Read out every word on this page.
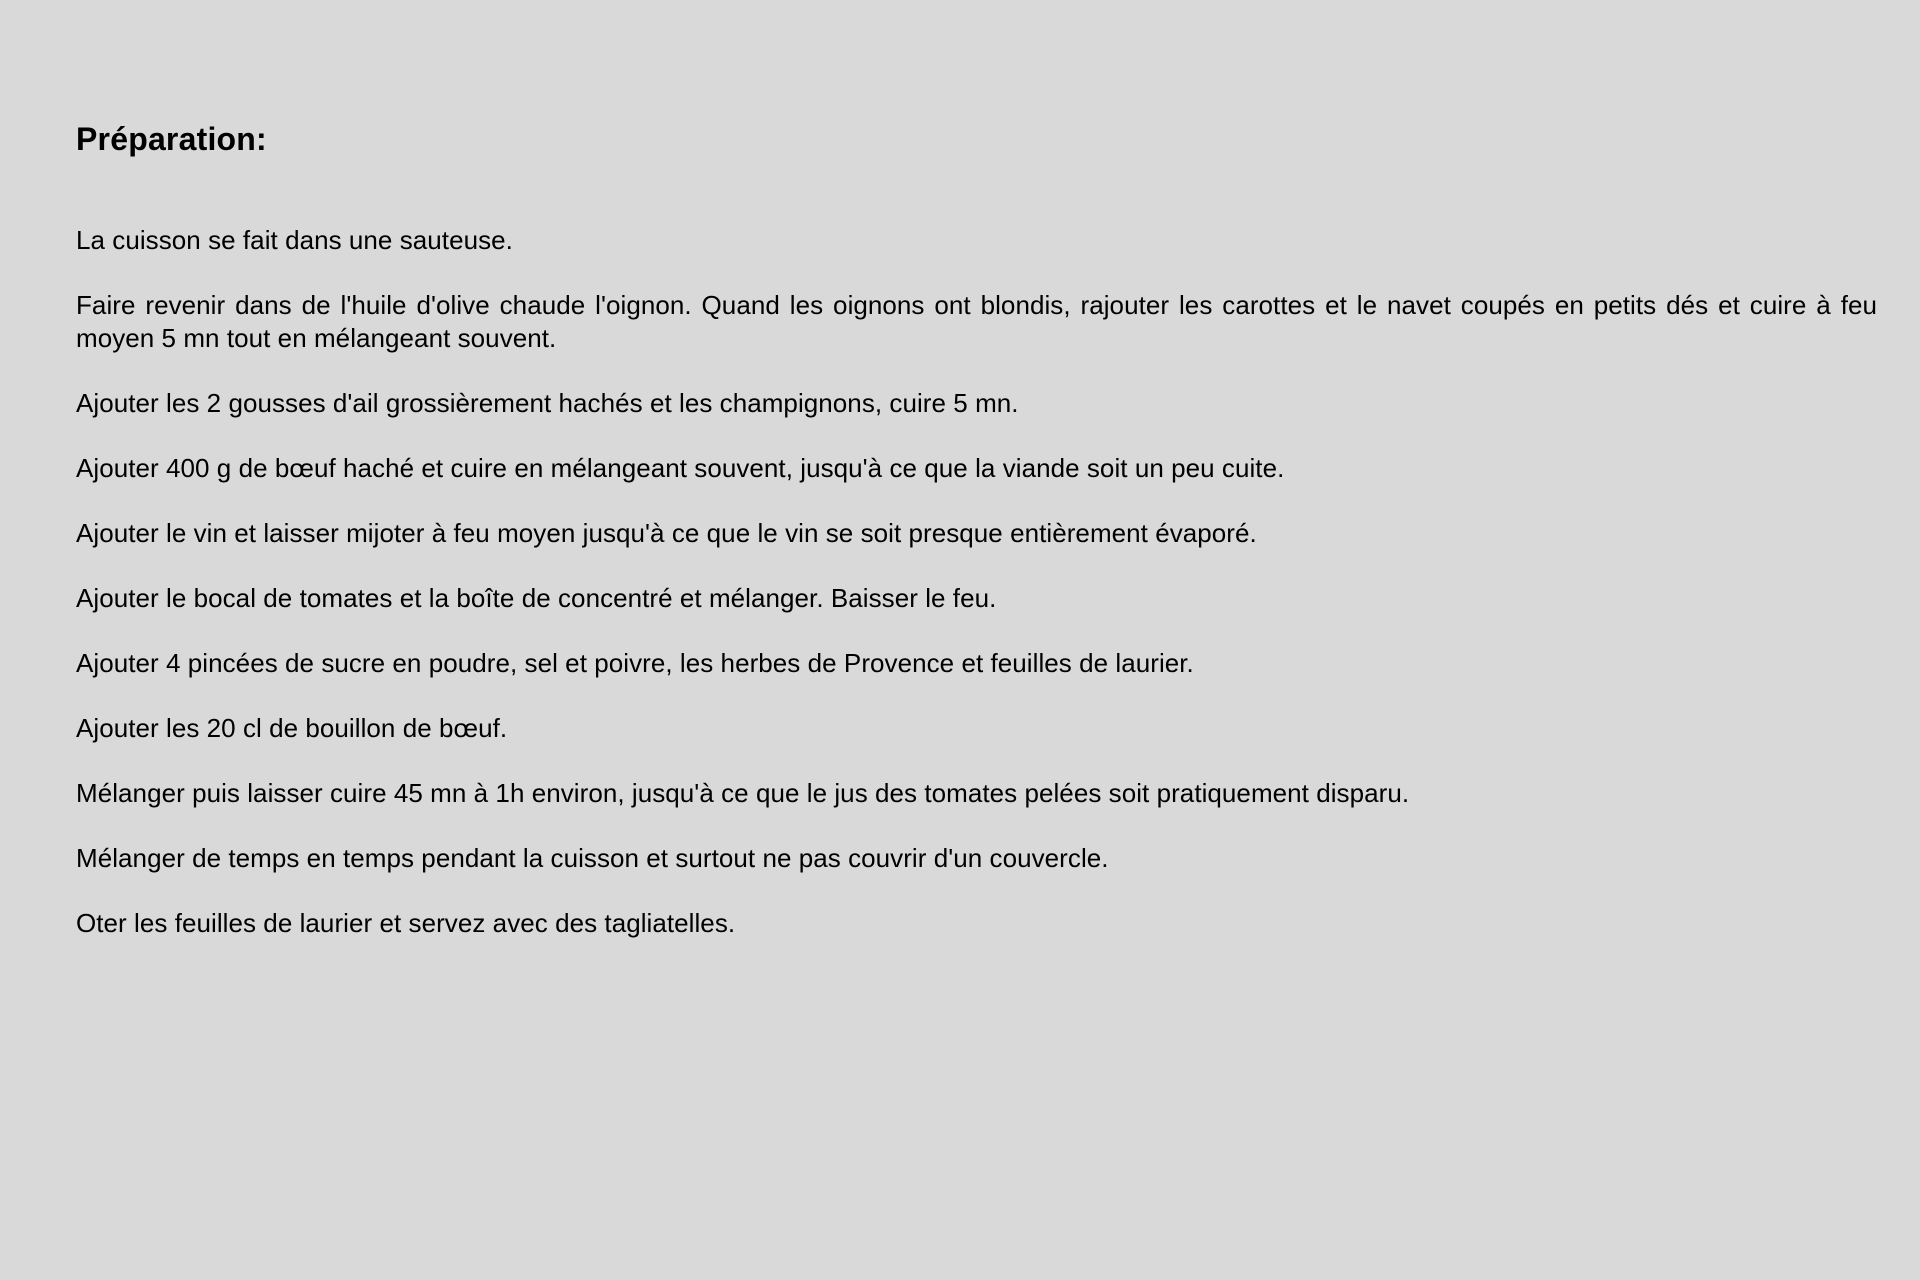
Préparation:

La cuisson se fait dans une sauteuse.

Faire revenir dans de l'huile d'olive chaude l'oignon. Quand les oignons ont blondis, rajouter les carottes et le navet coupés en petits dés et cuire à feu moyen 5 mn tout en mélangeant souvent.

Ajouter les 2 gousses d'ail grossièrement hachés et les champignons, cuire 5 mn.

Ajouter 400 g de bœuf haché et cuire en mélangeant souvent, jusqu'à ce que la viande soit un peu cuite.

Ajouter le vin et laisser mijoter à feu moyen jusqu'à ce que le vin se soit presque entièrement évaporé.

Ajouter le bocal de tomates et la boîte de concentré et mélanger. Baisser le feu.

Ajouter 4 pincées de sucre en poudre, sel et poivre, les herbes de Provence et feuilles de laurier.

Ajouter les 20 cl de bouillon de bœuf.

Mélanger puis laisser cuire 45 mn à 1h environ, jusqu'à ce que le jus des tomates pelées soit pratiquement disparu.

Mélanger de temps en temps pendant la cuisson et surtout ne pas couvrir d'un couvercle.

Oter les feuilles de laurier et servez avec des tagliatelles.
